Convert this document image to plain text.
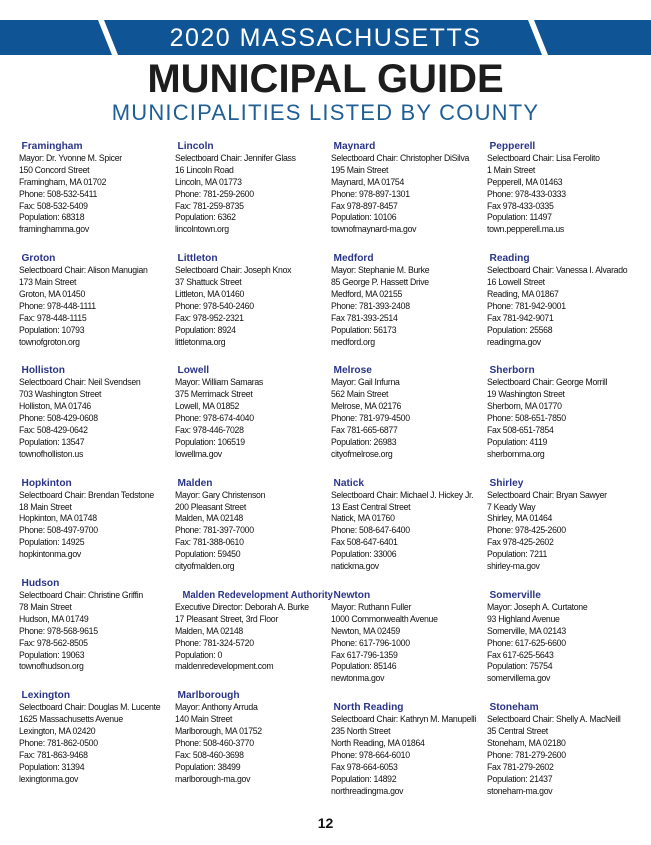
2020 MASSACHUSETTS
MUNICIPAL GUIDE
MUNICIPALITIES LISTED BY COUNTY
Framingham
Mayor: Dr. Yvonne M. Spicer
150 Concord Street
Framingham, MA 01702
Phone: 508-532-5411
Fax: 508-532-5409
Population: 68318
framinghamma.gov
Groton
Selectboard Chair: Alison Manugian
173 Main Street
Groton, MA 01450
Phone: 978-448-1111
Fax: 978-448-1115
Population: 10793
townofgroton.org
Holliston
Selectboard Chair: Neil Svendsen
703 Washington Street
Holliston, MA 01746
Phone: 508-429-0608
Fax: 508-429-0642
Population: 13547
townofholliston.us
Hopkinton
Selectboard Chair: Brendan Tedstone
18 Main Street
Hopkinton, MA 01748
Phone: 508-497-9700
Population: 14925
hopkintonma.gov
Hudson
Selectboard Chair: Christine Griffin
78 Main Street
Hudson, MA 01749
Phone: 978-568-9615
Fax: 978-562-8505
Population: 19063
townofhudson.org
Lexington
Selectboard Chair: Douglas M. Lucente
1625 Massachusetts Avenue
Lexington, MA 02420
Phone: 781-862-0500
Fax: 781-863-9468
Population: 31394
lexingtonma.gov
Lincoln
Selectboard Chair: Jennifer Glass
16 Lincoln Road
Lincoln, MA 01773
Phone: 781-259-2600
Fax: 781-259-8735
Population: 6362
lincolntown.org
Littleton
Selectboard Chair: Joseph Knox
37 Shattuck Street
Littleton, MA 01460
Phone: 978-540-2460
Fax: 978-952-2321
Population: 8924
littletonma.org
Lowell
Mayor: William Samaras
375 Merrimack Street
Lowell, MA 01852
Phone: 978-674-4040
Fax: 978-446-7028
Population: 106519
lowellma.gov
Malden
Mayor: Gary Christenson
200 Pleasant Street
Malden, MA 02148
Phone: 781-397-7000
Fax: 781-388-0610
Population: 59450
cityofmalden.org
Malden Redevelopment Authority
Executive Director: Deborah A. Burke
17 Pleasant Street, 3rd Floor
Malden, MA 02148
Phone: 781-324-5720
Population: 0
maldenredevelopment.com
Marlborough
Mayor: Anthony Arruda
140 Main Street
Marlborough, MA 01752
Phone: 508-460-3770
Fax: 508-460-3698
Population: 38499
marlborough-ma.gov
Maynard
Selectboard Chair: Christopher DiSilva
195 Main Street
Maynard, MA 01754
Phone: 978-897-1301
Fax 978-897-8457
Population: 10106
townofmaynard-ma.gov
Medford
Mayor: Stephanie M. Burke
85 George P. Hassett Drive
Medford, MA 02155
Phone: 781-393-2408
Fax 781-393-2514
Population: 56173
medford.org
Melrose
Mayor: Gail Infurna
562 Main Street
Melrose, MA 02176
Phone: 781-979-4500
Fax 781-665-6877
Population: 26983
cityofmelrose.org
Natick
Selectboard Chair: Michael J. Hickey Jr.
13 East Central Street
Natick, MA 01760
Phone: 508-647-6400
Fax 508-647-6401
Population: 33006
natickma.gov
Newton
Mayor: Ruthann Fuller
1000 Commonwealth Avenue
Newton, MA 02459
Phone: 617-796-1000
Fax 617-796-1359
Population: 85146
newtonma.gov
North Reading
Selectboard Chair: Kathryn M. Manupelli
235 North Street
North Reading, MA 01864
Phone: 978-664-6010
Fax 978-664-6053
Population: 14892
northreadingma.gov
Pepperell
Selectboard Chair: Lisa Ferolito
1 Main Street
Pepperell, MA 01463
Phone: 978-433-0333
Fax 978-433-0335
Population: 11497
town.pepperell.ma.us
Reading
Selectboard Chair: Vanessa I. Alvarado
16 Lowell Street
Reading, MA 01867
Phone: 781-942-9001
Fax 781-942-9071
Population: 25568
readingma.gov
Sherborn
Selectboard Chair: George Morrill
19 Washington Street
Sherborn, MA 01770
Phone: 508-651-7850
Fax 508-651-7854
Population: 4119
sherbornma.org
Shirley
Selectboard Chair: Bryan Sawyer
7 Keady Way
Shirley, MA 01464
Phone: 978-425-2600
Fax 978-425-2602
Population: 7211
shirley-ma.gov
Somerville
Mayor: Joseph A. Curtatone
93 Highland Avenue
Somerville, MA 02143
Phone: 617-625-6600
Fax 617-625-5643
Population: 75754
somervillema.gov
Stoneham
Selectboard Chair: Shelly A. MacNeill
35 Central Street
Stoneham, MA 02180
Phone: 781-279-2600
Fax 781-279-2602
Population: 21437
stoneham-ma.gov
12
